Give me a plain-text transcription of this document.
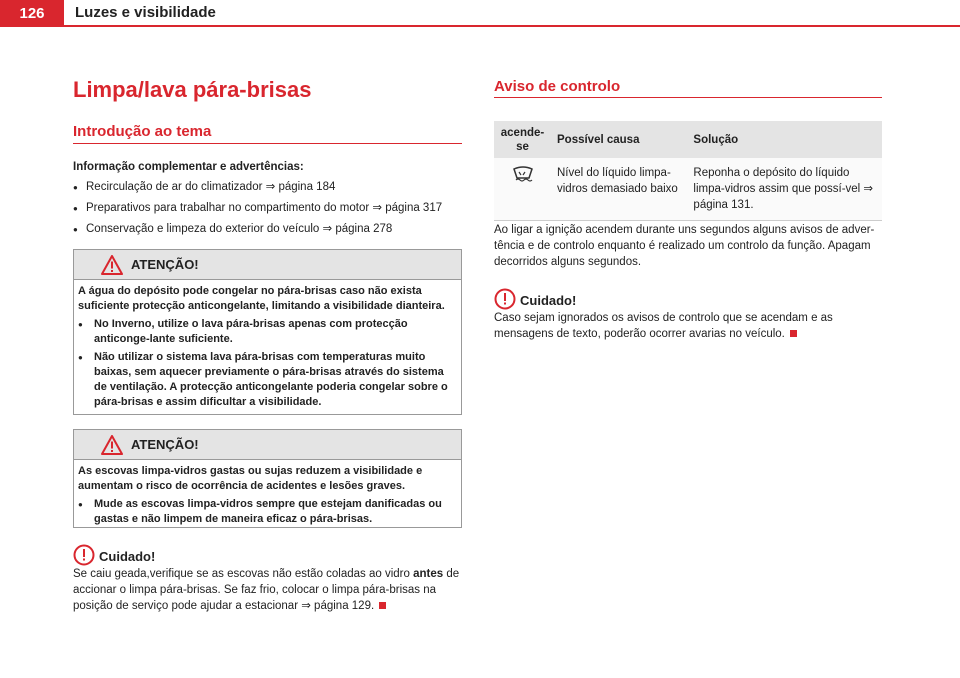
126	Luzes e visibilidade
Limpa/lava pára-brisas
Introdução ao tema
Informação complementar e advertências:
● Recirculação de ar do climatizador ⇒ página 184
● Preparativos para trabalhar no compartimento do motor ⇒ página 317
● Conservação e limpeza do exterior do veículo ⇒ página 278
ATENÇÃO!

A água do depósito pode congelar no pára-brisas caso não exista suficiente protecção anticongelante, limitando a visibilidade dianteira.

● No Inverno, utilize o lava pára-brisas apenas com protecção anticonge-lante suficiente.

● Não utilizar o sistema lava pára-brisas com temperaturas muito baixas, sem aquecer previamente o pára-brisas através do sistema de ventilação. A protecção anticongelante poderia congelar sobre o pára-brisas e assim dificultar a visibilidade.

ATENÇÃO!

As escovas limpa-vidros gastas ou sujas reduzem a visibilidade e aumentam o risco de ocorrência de acidentes e lesões graves.

● Mude as escovas limpa-vidros sempre que estejam danificadas ou gastas e não limpem de maneira eficaz o pára-brisas.

Cuidado!
Se caiu geada,verifique se as escovas não estão coladas ao vidro antes de accionar o limpa pára-brisas. Se faz frio, colocar o limpa pára-brisas na posição de serviço pode ajudar a estacionar ⇒ página 129.
Aviso de controlo
acende-se	Possível causa	Solução
	Nível do líquido limpa-vidros demasiado baixo	Reponha o depósito do líquido limpa-vidros assim que possí-vel ⇒ página 131.
Ao ligar a ignição acendem durante uns segundos alguns avisos de adver-tência e de controlo enquanto é realizado um controlo da função. Apagam decorridos alguns segundos.
Cuidado!
Caso sejam ignorados os avisos de controlo que se acendam e as mensagens de texto, poderão ocorrer avarias no veículo.
